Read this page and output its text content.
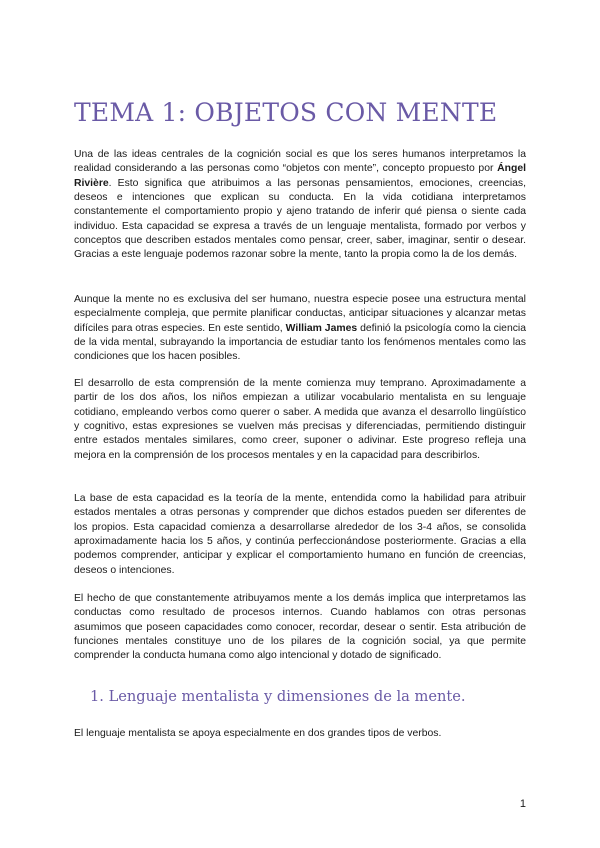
TEMA 1: OBJETOS CON MENTE

Una de las ideas centrales de la cognición social es que los seres humanos interpretamos la realidad considerando a las personas como “objetos con mente”, concepto propuesto por Ángel Rivière. Esto significa que atribuimos a las personas pensamientos, emociones, creencias, deseos e intenciones que explican su conducta. En la vida cotidiana interpretamos constantemente el comportamiento propio y ajeno tratando de inferir qué piensa o siente cada individuo. Esta capacidad se expresa a través de un lenguaje mentalista, formado por verbos y conceptos que describen estados mentales como pensar, creer, saber, imaginar, sentir o desear. Gracias a este lenguaje podemos razonar sobre la mente, tanto la propia como la de los demás.

Aunque la mente no es exclusiva del ser humano, nuestra especie posee una estructura mental especialmente compleja, que permite planificar conductas, anticipar situaciones y alcanzar metas difíciles para otras especies. En este sentido, William James definió la psicología como la ciencia de la vida mental, subrayando la importancia de estudiar tanto los fenómenos mentales como las condiciones que los hacen posibles.

El desarrollo de esta comprensión de la mente comienza muy temprano. Aproximadamente a partir de los dos años, los niños empiezan a utilizar vocabulario mentalista en su lenguaje cotidiano, empleando verbos como querer o saber. A medida que avanza el desarrollo lingüístico y cognitivo, estas expresiones se vuelven más precisas y diferenciadas, permitiendo distinguir entre estados mentales similares, como creer, suponer o adivinar. Este progreso refleja una mejora en la comprensión de los procesos mentales y en la capacidad para describirlos.

La base de esta capacidad es la teoría de la mente, entendida como la habilidad para atribuir estados mentales a otras personas y comprender que dichos estados pueden ser diferentes de los propios. Esta capacidad comienza a desarrollarse alrededor de los 3-4 años, se consolida aproximadamente hacia los 5 años, y continúa perfeccionándose posteriormente. Gracias a ella podemos comprender, anticipar y explicar el comportamiento humano en función de creencias, deseos o intenciones.

El hecho de que constantemente atribuyamos mente a los demás implica que interpretamos las conductas como resultado de procesos internos. Cuando hablamos con otras personas asumimos que poseen capacidades como conocer, recordar, desear o sentir. Esta atribución de funciones mentales constituye uno de los pilares de la cognición social, ya que permite comprender la conducta humana como algo intencional y dotado de significado.

1. Lenguaje mentalista y dimensiones de la mente.

El lenguaje mentalista se apoya especialmente en dos grandes tipos de verbos.

1
